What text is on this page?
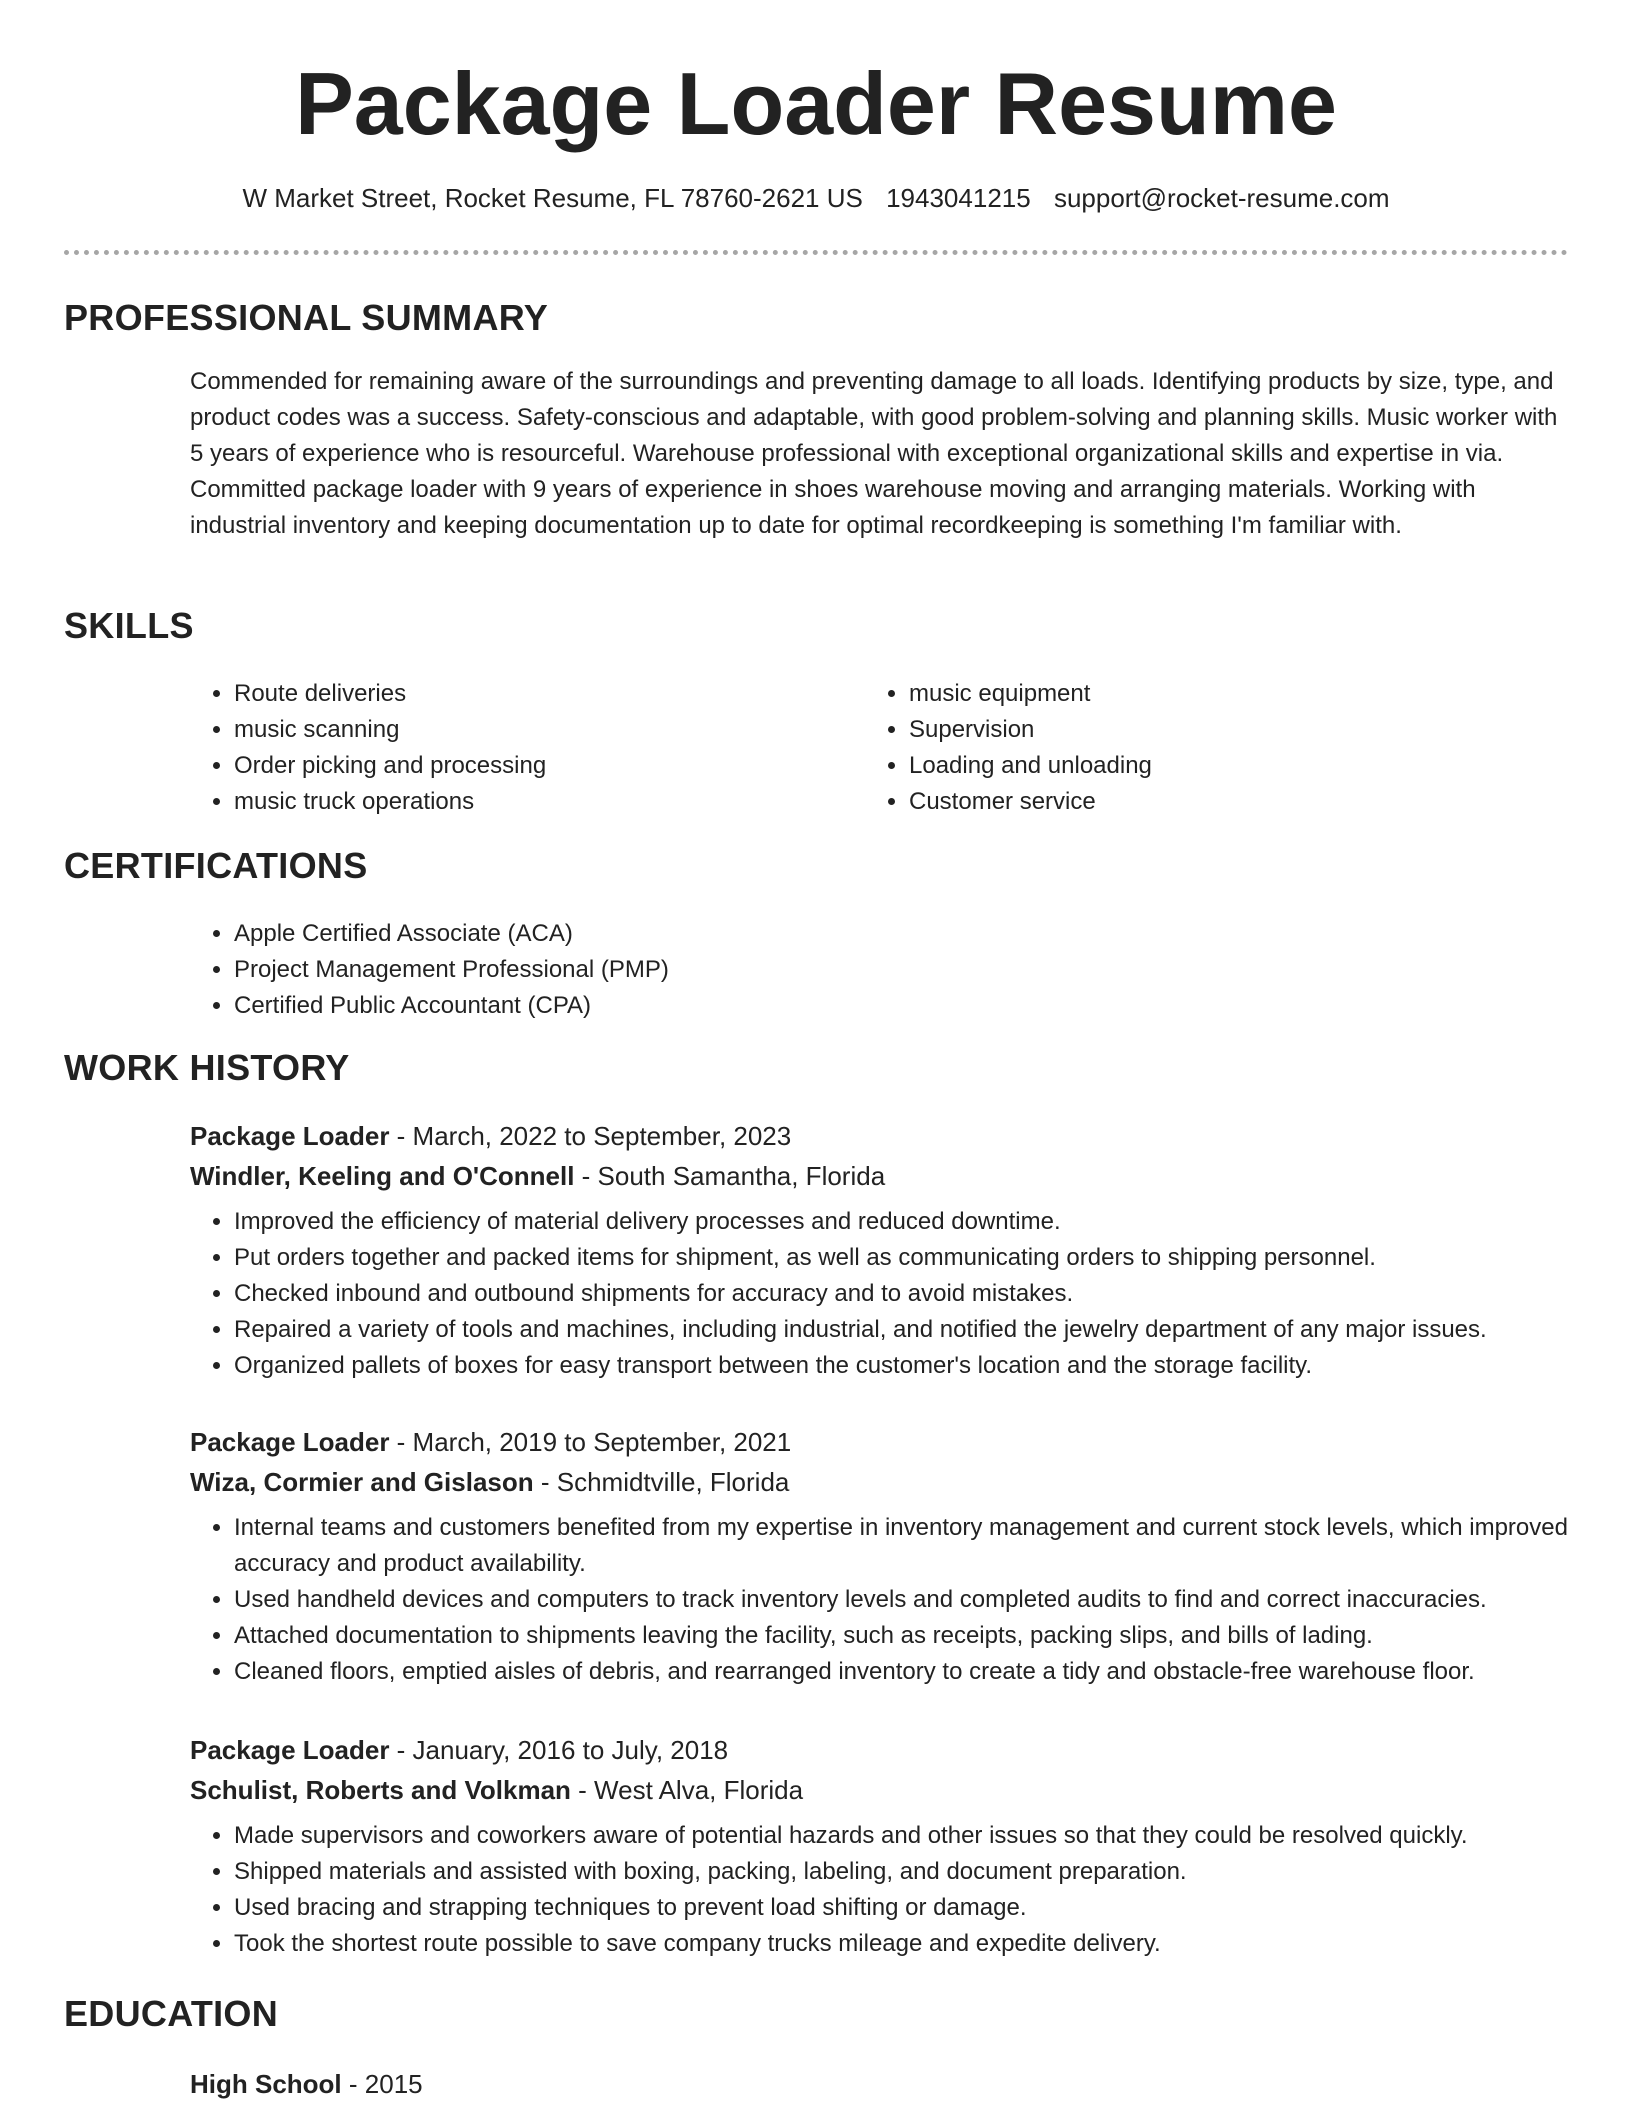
Package Loader Resume
W Market Street, Rocket Resume, FL 78760-2621 US 1943041215 support@rocket-resume.com
PROFESSIONAL SUMMARY

Commended for remaining aware of the surroundings and preventing damage to all loads. Identifying products by size, type, and product codes was a success. Safety-conscious and adaptable, with good problem-solving and planning skills. Music worker with 5 years of experience who is resourceful. Warehouse professional with exceptional organizational skills and expertise in via. Committed package loader with 9 years of experience in shoes warehouse moving and arranging materials. Working with industrial inventory and keeping documentation up to date for optimal recordkeeping is something I'm familiar with.

SKILLS
• Route deliveries
• music scanning
• Order picking and processing
• music truck operations
• music equipment
• Supervision
• Loading and unloading
• Customer service
CERTIFICATIONS
• Apple Certified Associate (ACA)
• Project Management Professional (PMP)
• Certified Public Accountant (CPA)
WORK HISTORY
Package Loader - March, 2022 to September, 2023
Windler, Keeling and O'Connell - South Samantha, Florida
• Improved the efficiency of material delivery processes and reduced downtime.
• Put orders together and packed items for shipment, as well as communicating orders to shipping personnel.
• Checked inbound and outbound shipments for accuracy and to avoid mistakes.
• Repaired a variety of tools and machines, including industrial, and notified the jewelry department of any major issues.
• Organized pallets of boxes for easy transport between the customer's location and the storage facility.
Package Loader - March, 2019 to September, 2021
Wiza, Cormier and Gislason - Schmidtville, Florida
• Internal teams and customers benefited from my expertise in inventory management and current stock levels, which improved accuracy and product availability.
• Used handheld devices and computers to track inventory levels and completed audits to find and correct inaccuracies.
• Attached documentation to shipments leaving the facility, such as receipts, packing slips, and bills of lading.
• Cleaned floors, emptied aisles of debris, and rearranged inventory to create a tidy and obstacle-free warehouse floor.
Package Loader - January, 2016 to July, 2018
Schulist, Roberts and Volkman - West Alva, Florida
• Made supervisors and coworkers aware of potential hazards and other issues so that they could be resolved quickly.
• Shipped materials and assisted with boxing, packing, labeling, and document preparation.
• Used bracing and strapping techniques to prevent load shifting or damage.
• Took the shortest route possible to save company trucks mileage and expedite delivery.
EDUCATION
High School - 2015
